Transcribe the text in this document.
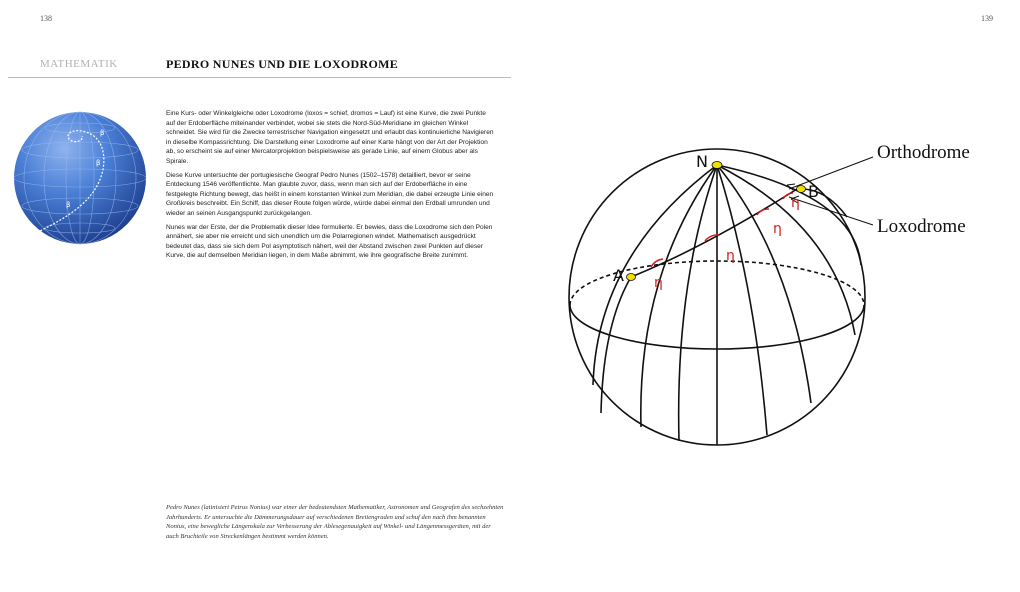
138	139
MATHEMATIK	PEDRO NUNES UND DIE LOXODROME
β
β
β

Eine Kurs- oder Winkelgleiche oder Loxodrome (loxos = schief, dromos = Lauf) ist eine Kurve, die zwei Punkte auf der Erdoberfläche miteinander verbindet, wobei sie stets die Nord-Süd-Meridiane im gleichen Winkel schneidet. Sie wird für die Zwecke terrestrischer Navigation eingesetzt und erlaubt das kontinuierliche Navigieren in dieselbe Kompassrichtung. Die Darstellung einer Loxodrome auf einer Karte hängt von der Art der Projektion ab, so erscheint sie auf einer Mercatorprojektion beispielsweise als gerade Linie, auf einem Globus aber als Spirale.

Diese Kurve untersuchte der portugiesische Geograf Pedro Nunes (1502–1578) detailliert, bevor er seine Entdeckung 1546 veröffentlichte. Man glaubte zuvor, dass, wenn man sich auf der Erdoberfläche in eine festgelegte Richtung bewegt, das heißt in einem konstanten Winkel zum Meridian, die dabei erzeugte Linie einen Großkreis beschreibt. Ein Schiff, das dieser Route folgen würde, würde dabei einmal den Erdball umrunden und wieder an seinen Ausgangspunkt zurückgelangen.

Nunes war der Erste, der die Problematik dieser Idee formulierte. Er bewies, dass die Loxodrome sich den Polen annähert, sie aber nie erreicht und sich unendlich um die Polarregionen windet. Mathematisch ausgedrückt bedeutet das, dass sie sich dem Pol asymptotisch nähert, weil der Abstand zwischen zwei Punkten auf dieser Kurve, die auf demselben Meridian liegen, in dem Maße abnimmt, wie ihre geografische Breite zunimmt.

Pedro Nunes (latinisiert Petrus Nonius) war einer der bedeutendsten Mathematiker, Astronomen und Geografen des sechzehnten Jahrhunderts. Er untersuchte die Dämmerungsdauer auf verschiedenen Breitengraden und schuf den nach ihm benannten Nonius, eine bewegliche Längenskala zur Verbesserung der Ablesegenauigkeit auf Winkel- und Längenmessgeräten, mit der auch Bruchteile von Streckenlängen bestimmt werden können.
η
η
η
η
N
A
B
Orthodrome
Loxodrome
